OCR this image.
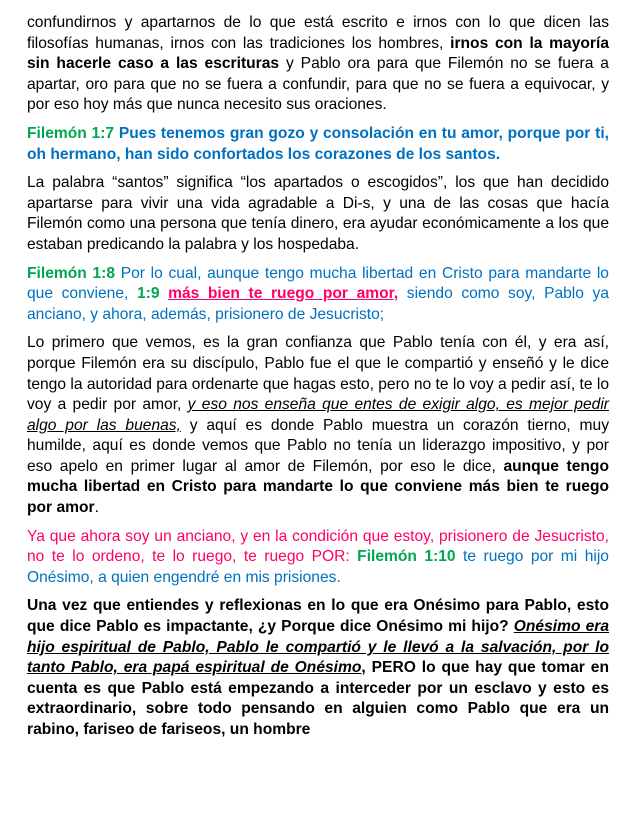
confundirnos y apartarnos de lo que está escrito e irnos con lo que dicen las filosofías humanas, irnos con las tradiciones los hombres, irnos con la mayoría sin hacerle caso a las escrituras y Pablo ora para que Filemón no se fuera a apartar, oro para que no se fuera a confundir, para que no se fuera a equivocar, y por eso hoy más que nunca necesito sus oraciones.

Filemón 1:7 Pues tenemos gran gozo y consolación en tu amor, porque por ti, oh hermano, han sido confortados los corazones de los santos.

La palabra “santos” significa “los apartados o escogidos”, los que han decidido apartarse para vivir una vida agradable a Di-s, y una de las cosas que hacía Filemón como una persona que tenía dinero, era ayudar económicamente a los que estaban predicando la palabra y los hospedaba.

Filemón 1:8 Por lo cual, aunque tengo mucha libertad en Cristo para mandarte lo que conviene, 1:9 más bien te ruego por amor, siendo como soy, Pablo ya anciano, y ahora, además, prisionero de Jesucristo;

Lo primero que vemos, es la gran confianza que Pablo tenía con él, y era así, porque Filemón era su discípulo, Pablo fue el que le compartió y enseñó y le dice tengo la autoridad para ordenarte que hagas esto, pero no te lo voy a pedir así, te lo voy a pedir por amor, y eso nos enseña que entes de exigir algo, es mejor pedir algo por las buenas, y aquí es donde Pablo muestra un corazón tierno, muy humilde, aquí es donde vemos que Pablo no tenía un liderazgo impositivo, y por eso apelo en primer lugar al amor de Filemón, por eso le dice, aunque tengo mucha libertad en Cristo para mandarte lo que conviene más bien te ruego por amor.

Ya que ahora soy un anciano, y en la condición que estoy, prisionero de Jesucristo, no te lo ordeno, te lo ruego, te ruego POR: Filemón 1:10 te ruego por mi hijo Onésimo, a quien engendré en mis prisiones.

Una vez que entiendes y reflexionas en lo que era Onésimo para Pablo, esto que dice Pablo es impactante, ¿y Porque dice Onésimo mi hijo? Onésimo era hijo espiritual de Pablo, Pablo le compartió y le llevó a la salvación, por lo tanto Pablo, era papá espiritual de Onésimo, PERO lo que hay que tomar en cuenta es que Pablo está empezando a interceder por un esclavo y esto es extraordinario, sobre todo pensando en alguien como Pablo que era un rabino, fariseo de fariseos, un hombre
